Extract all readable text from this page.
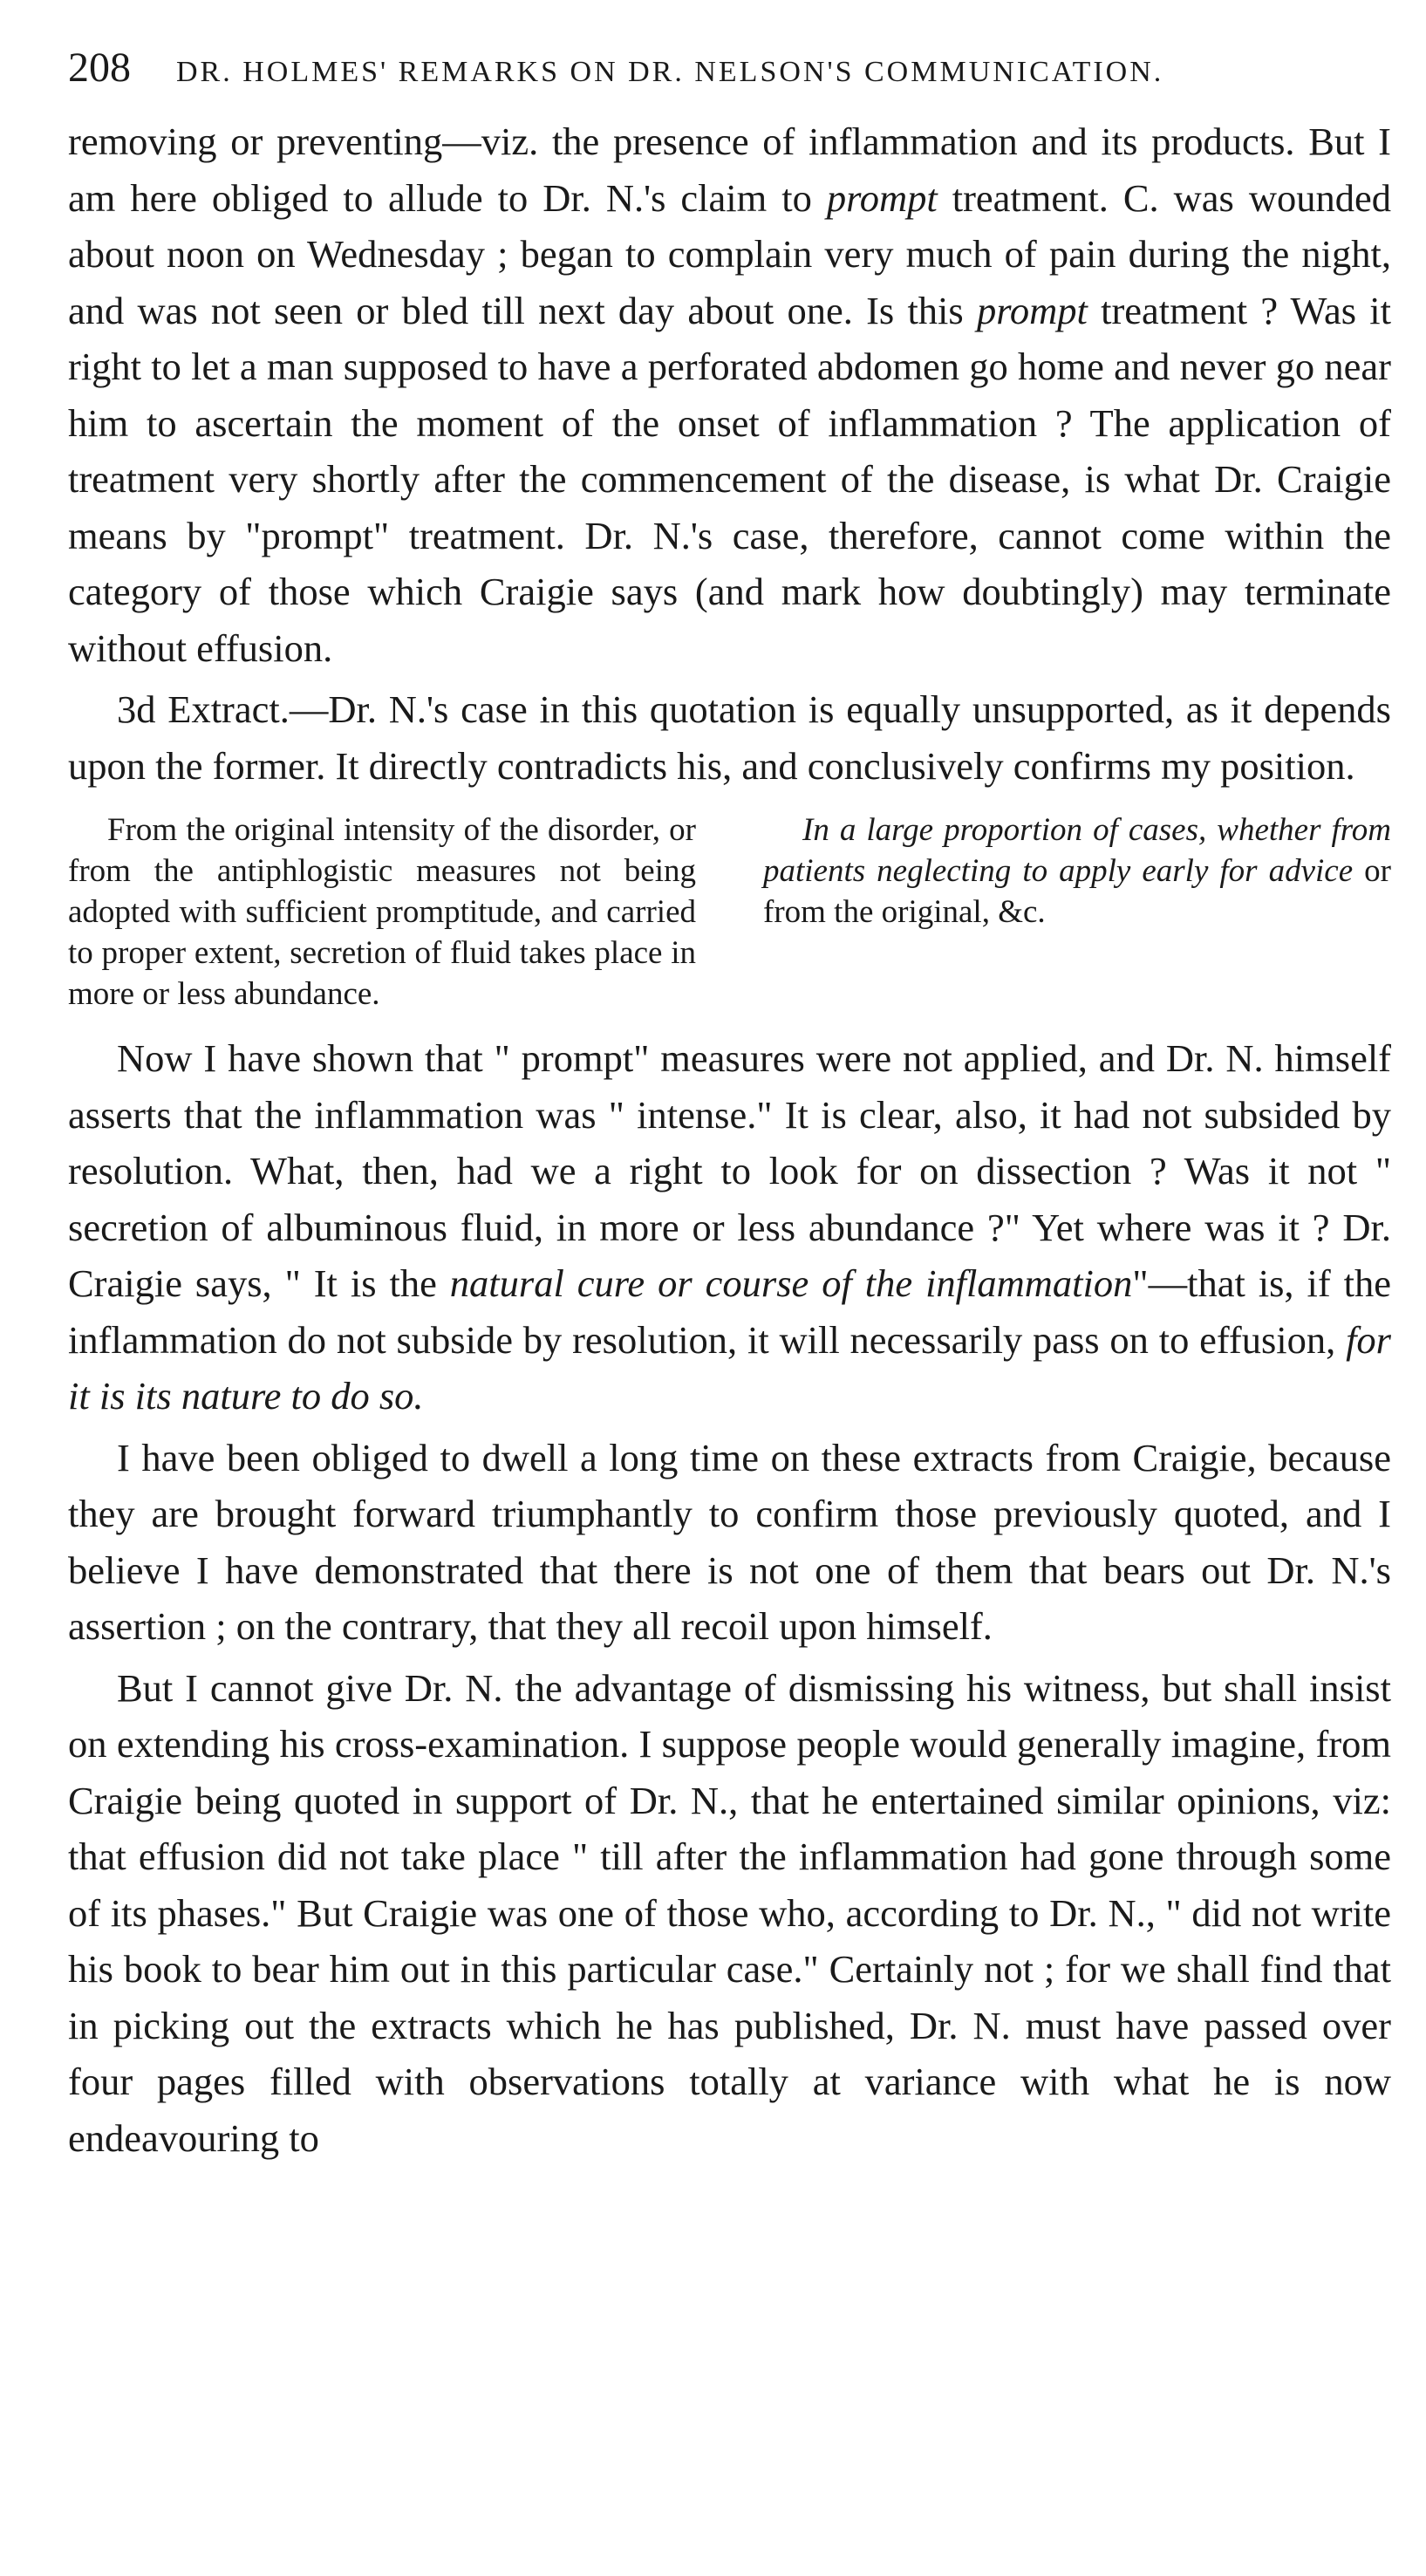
208 DR. HOLMES' REMARKS ON DR. NELSON'S COMMUNICATION.

removing or preventing—viz. the presence of inflammation and its products. But I am here obliged to allude to Dr. N.'s claim to prompt treatment. C. was wounded about noon on Wednesday ; began to complain very much of pain during the night, and was not seen or bled till next day about one. Is this prompt treatment ? Was it right to let a man supposed to have a perforated abdomen go home and never go near him to ascertain the moment of the onset of inflammation ? The application of treatment very shortly after the commencement of the disease, is what Dr. Craigie means by "prompt" treatment. Dr. N.'s case, therefore, cannot come within the category of those which Craigie says (and mark how doubtingly) may terminate without effusion.

3d Extract.—Dr. N.'s case in this quotation is equally unsupported, as it depends upon the former. It directly contradicts his, and conclusively confirms my position.

From the original intensity of the disorder, or from the antiphlogistic measures not being adopted with sufficient promptitude, and carried to proper extent, secretion of fluid takes place in more or less abundance.
In a large proportion of cases, whether from patients neglecting to apply early for advice or from the original, &c.

Now I have shown that " prompt" measures were not applied, and Dr. N. himself asserts that the inflammation was " intense." It is clear, also, it had not subsided by resolution. What, then, had we a right to look for on dissection ? Was it not " secretion of albuminous fluid, in more or less abundance ?" Yet where was it ? Dr. Craigie says, " It is the natural cure or course of the inflammation"—that is, if the inflammation do not subside by resolution, it will necessarily pass on to effusion, for it is its nature to do so.

I have been obliged to dwell a long time on these extracts from Craigie, because they are brought forward triumphantly to confirm those previously quoted, and I believe I have demonstrated that there is not one of them that bears out Dr. N.'s assertion ; on the contrary, that they all recoil upon himself.

But I cannot give Dr. N. the advantage of dismissing his witness, but shall insist on extending his cross-examination. I suppose people would generally imagine, from Craigie being quoted in support of Dr. N., that he entertained similar opinions, viz: that effusion did not take place " till after the inflammation had gone through some of its phases." But Craigie was one of those who, according to Dr. N., " did not write his book to bear him out in this particular case." Certainly not ; for we shall find that in picking out the extracts which he has published, Dr. N. must have passed over four pages filled with observations totally at variance with what he is now endeavouring to
